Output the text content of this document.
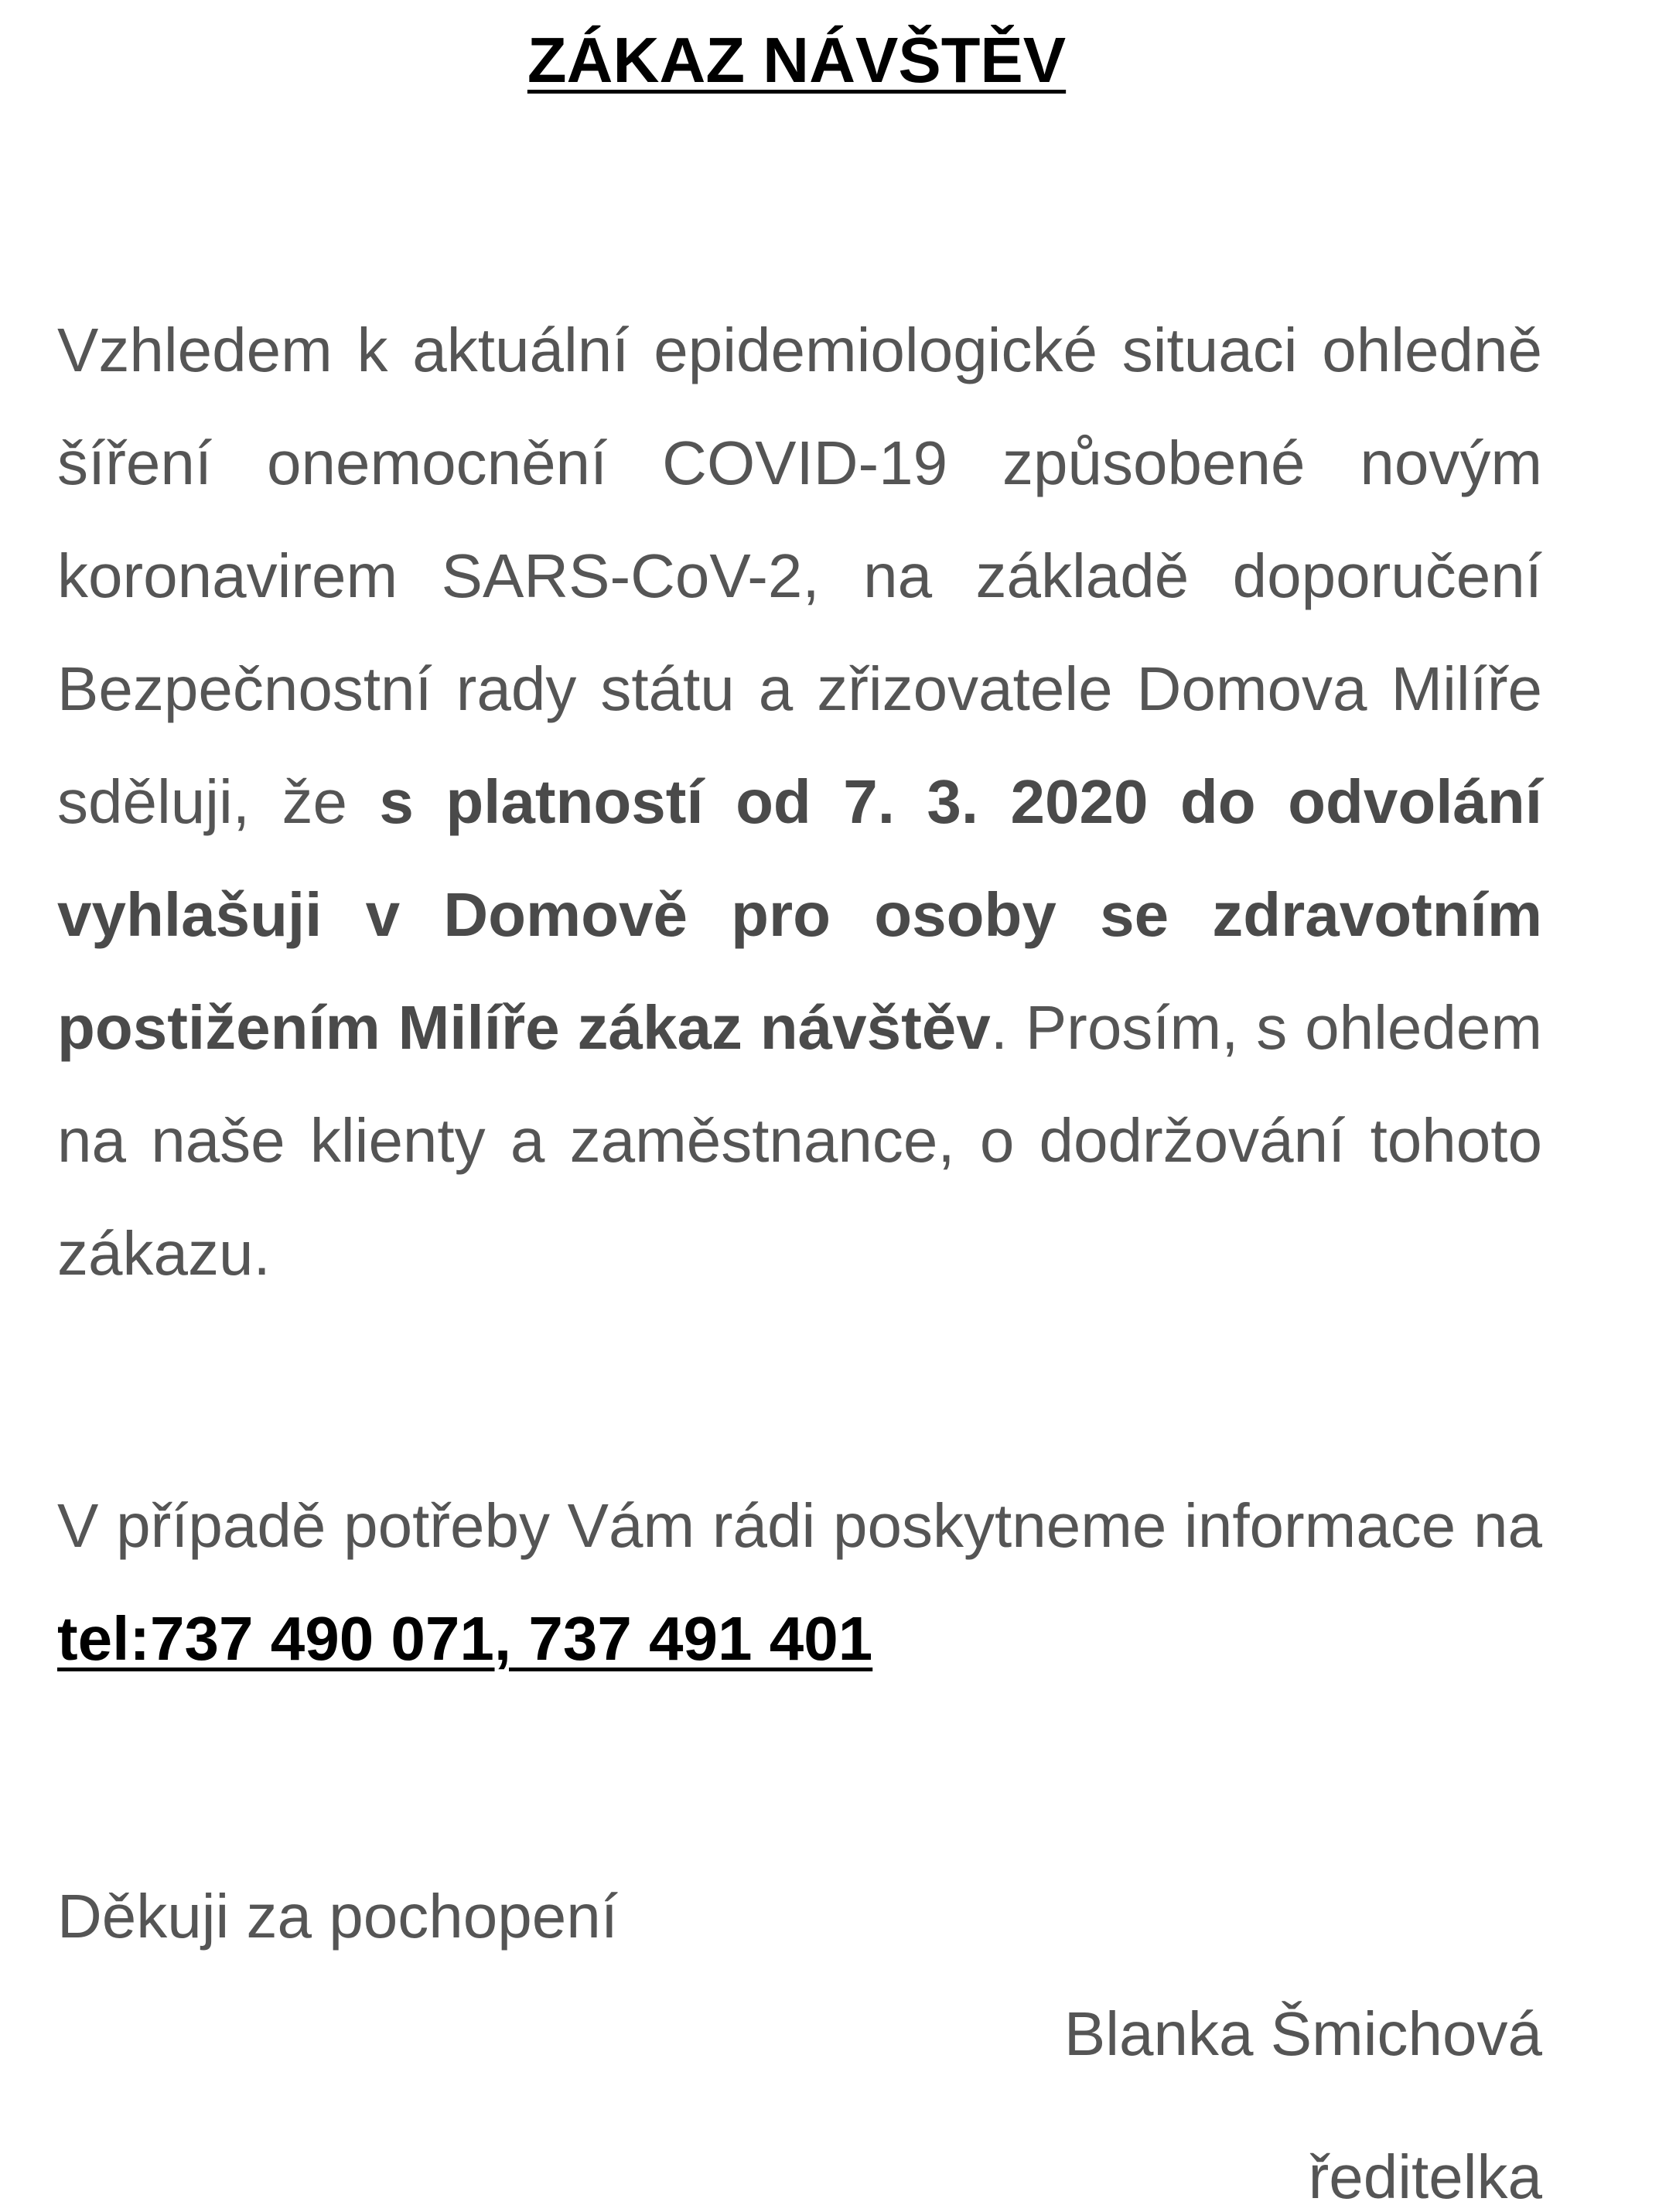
ZÁKAZ NÁVŠTĚV

Vzhledem k aktuální epidemiologické situaci ohledně šíření onemocnění COVID-19 způsobené novým koronavirem SARS-CoV-2, na základě doporučení Bezpečnostní rady státu a zřizovatele Domova Milíře sděluji, že s platností od 7. 3. 2020 do odvolání vyhlašuji v Domově pro osoby se zdravotním postižením Milíře zákaz návštěv. Prosím, s ohledem na naše klienty a zaměstnance, o dodržování tohoto zákazu.

V případě potřeby Vám rádi poskytneme informace na tel:737 490 071, 737 491 401

Děkuji za pochopení

Blanka Šmichová

ředitelka
